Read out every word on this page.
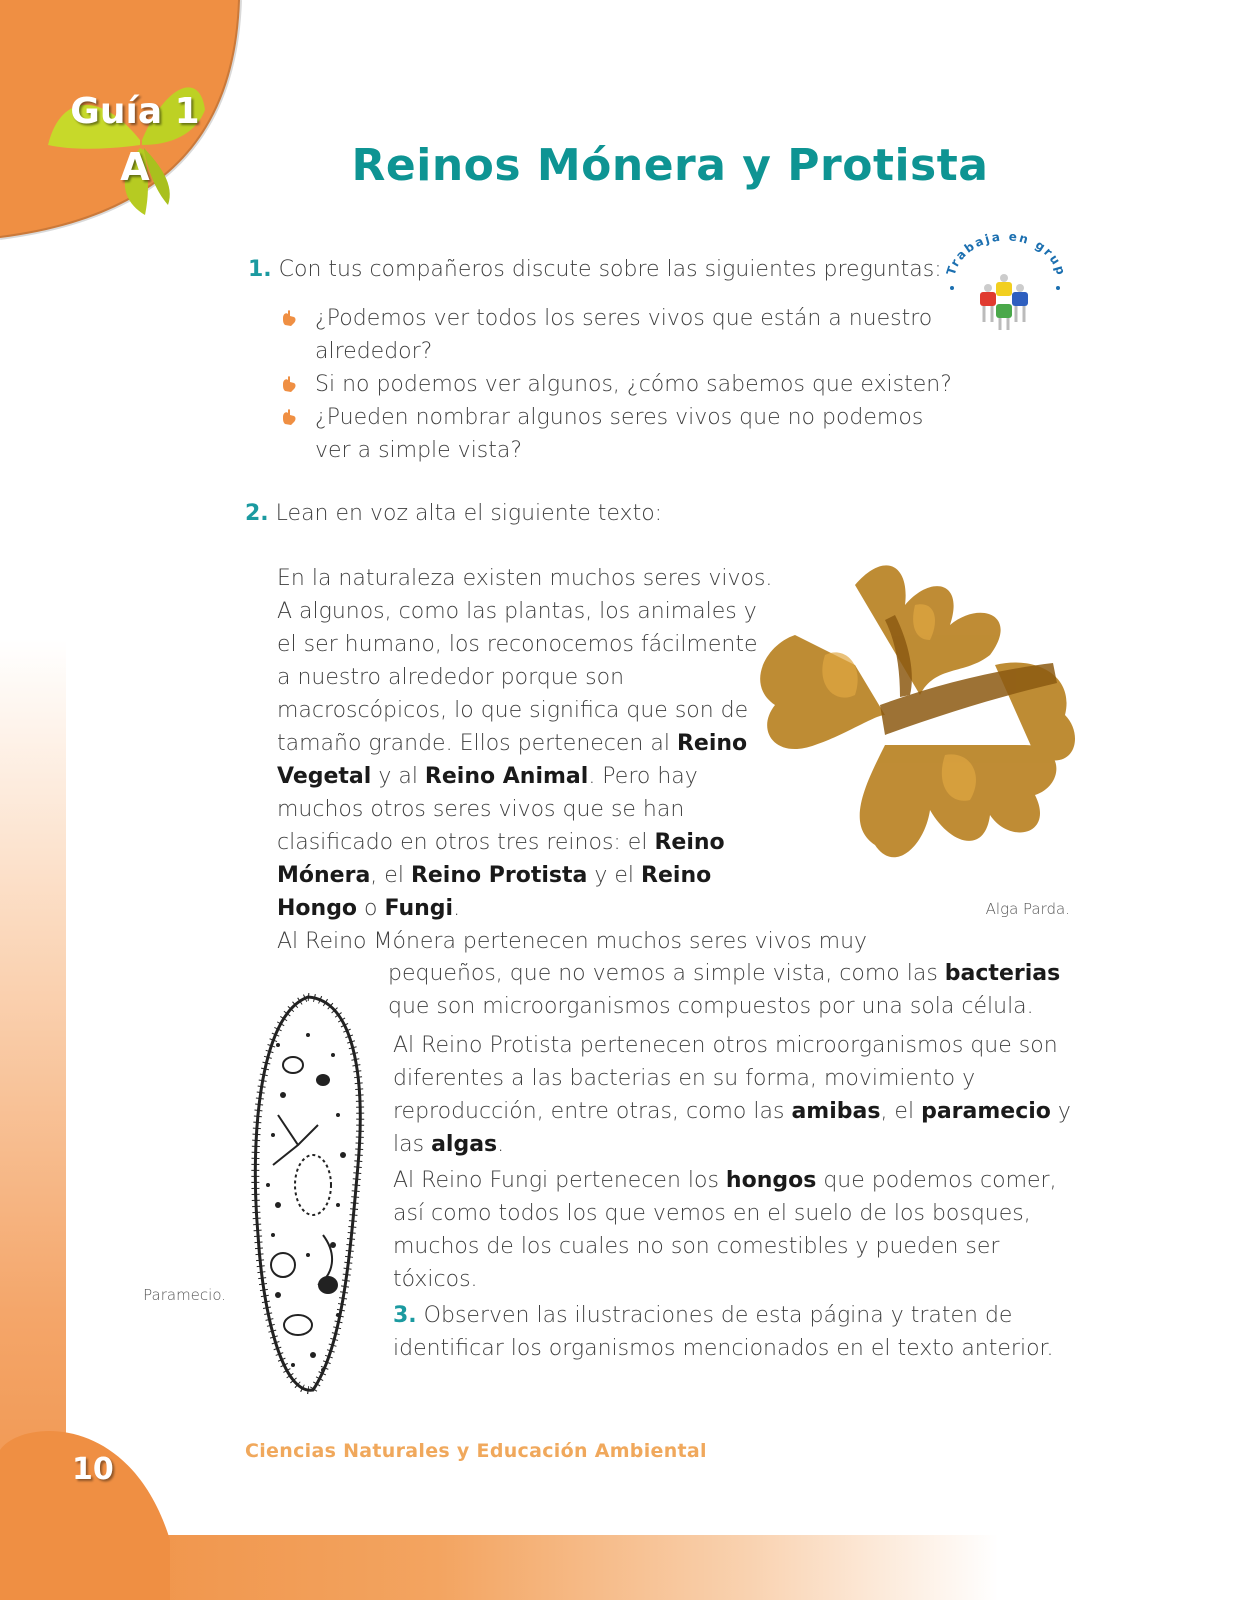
Guía 1
A	Reinos Mónera y Protista
Trabaja en gru

1. Con tus compañeros discute sobre las siguientes preguntas:

¿Podemos ver todos los seres vivos que están a nuestro alrededor?
Si no podemos ver algunos, ¿cómo sabemos que existen?
¿Pueden nombrar algunos seres vivos que no podemos ver a simple vista?

2. Lean en voz alta el siguiente texto:

En la naturaleza existen muchos seres vivos. A algunos, como las plantas, los animales y el ser humano, los reconocemos fácilmente a nuestro alrededor porque son macroscópicos, lo que significa que son de tamaño grande. Ellos pertenecen al Reino Vegetal y al Reino Animal. Pero hay muchos otros seres vivos que se han clasificado en otros tres reinos: el Reino Mónera, el Reino Protista y el Reino Hongo o Fungi.	Alga Parda.

Al Reino Mónera pertenecen muchos seres vivos muy

pequeños, que no vemos a simple vista, como las bacterias que son microorganismos compuestos por una sola célula.

Al Reino Protista pertenecen otros microorganismos que son diferentes a las bacterias en su forma, movimiento y reproducción, entre otras, como las amibas, el paramecio y las algas.

Al Reino Fungi pertenecen los hongos que podemos comer, así como todos los que vemos en el suelo de los bosques, muchos de los cuales no son comestibles y pueden ser tóxicos.

Paramecio.

3. Observen las ilustraciones de esta página y traten de identificar los organismos mencionados en el texto anterior.

10
Ciencias Naturales y Educación Ambiental
